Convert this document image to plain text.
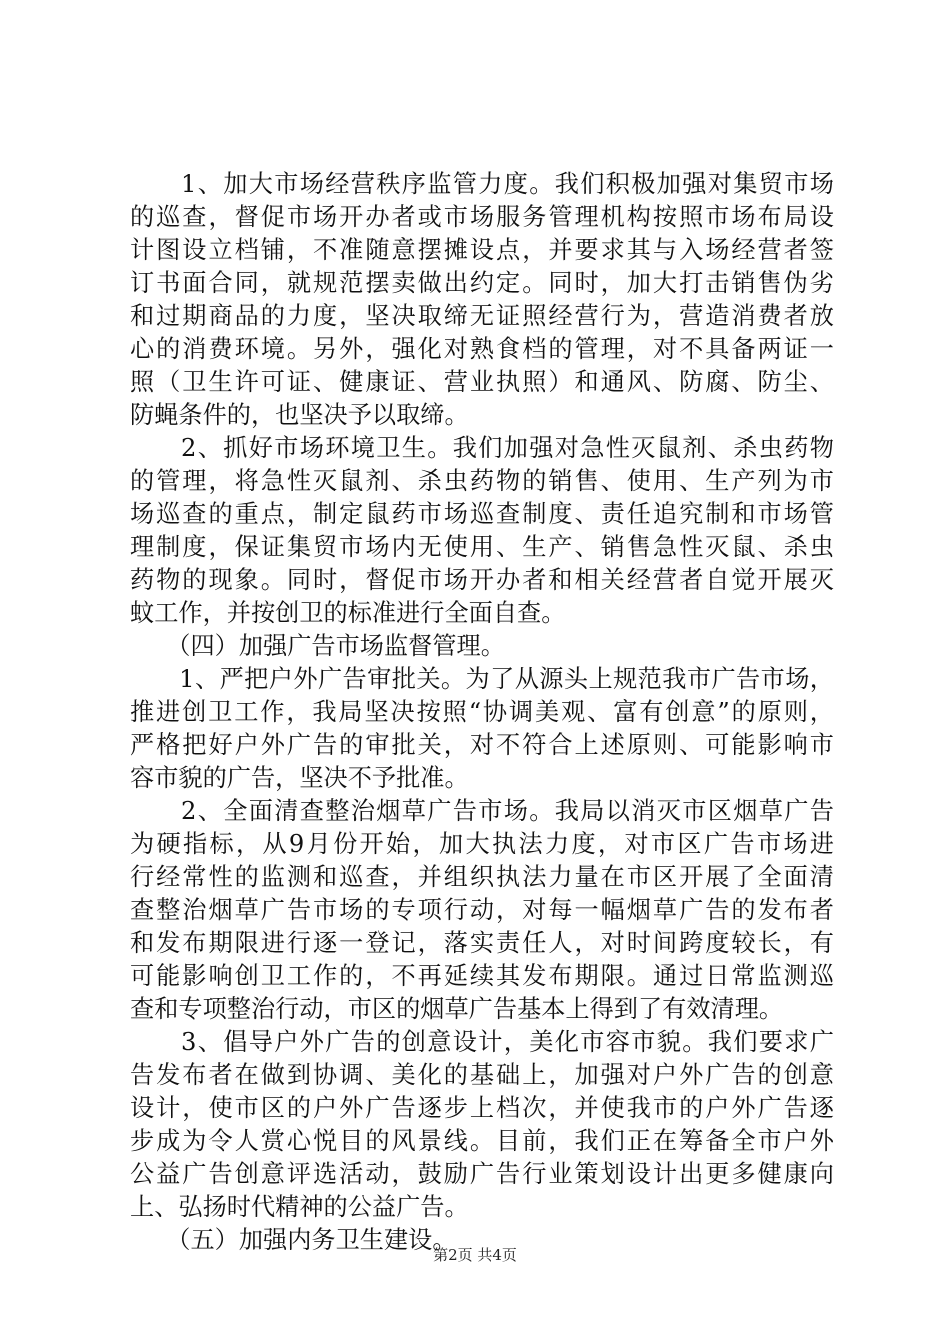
　　1、加大市场经营秩序监管力度。我们积极加强对集贸市场
的巡查，督促市场开办者或市场服务管理机构按照市场布局设
计图设立档铺，不准随意摆摊设点，并要求其与入场经营者签
订书面合同，就规范摆卖做出约定。同时，加大打击销售伪劣
和过期商品的力度，坚决取缔无证照经营行为，营造消费者放
心的消费环境。另外，强化对熟食档的管理，对不具备两证一
照（卫生许可证、健康证、营业执照）和通风、防腐、防尘、
防蝇条件的，也坚决予以取缔。
　　2、抓好市场环境卫生。我们加强对急性灭鼠剂、杀虫药物
的管理，将急性灭鼠剂、杀虫药物的销售、使用、生产列为市
场巡查的重点，制定鼠药市场巡查制度、责任追究制和市场管
理制度，保证集贸市场内无使用、生产、销售急性灭鼠、杀虫
药物的现象。同时，督促市场开办者和相关经营者自觉开展灭
蚊工作，并按创卫的标准进行全面自查。
　　（四）加强广告市场监督管理。
　　1、严把户外广告审批关。为了从源头上规范我市广告市场，
推进创卫工作，我局坚决按照“协调美观、富有创意”的原则，
严格把好户外广告的审批关，对不符合上述原则、可能影响市
容市貌的广告，坚决不予批准。
　　2、全面清查整治烟草广告市场。我局以消灭市区烟草广告
为硬指标，从9月份开始，加大执法力度，对市区广告市场进
行经常性的监测和巡查，并组织执法力量在市区开展了全面清
查整治烟草广告市场的专项行动，对每一幅烟草广告的发布者
和发布期限进行逐一登记，落实责任人，对时间跨度较长，有
可能影响创卫工作的，不再延续其发布期限。通过日常监测巡
查和专项整治行动，市区的烟草广告基本上得到了有效清理。
　　3、倡导户外广告的创意设计，美化市容市貌。我们要求广
告发布者在做到协调、美化的基础上，加强对户外广告的创意
设计，使市区的户外广告逐步上档次，并使我市的户外广告逐
步成为令人赏心悦目的风景线。目前，我们正在筹备全市户外
公益广告创意评选活动，鼓励广告行业策划设计出更多健康向
上、弘扬时代精神的公益广告。
　　（五）加强内务卫生建设。
第2页 共4页
